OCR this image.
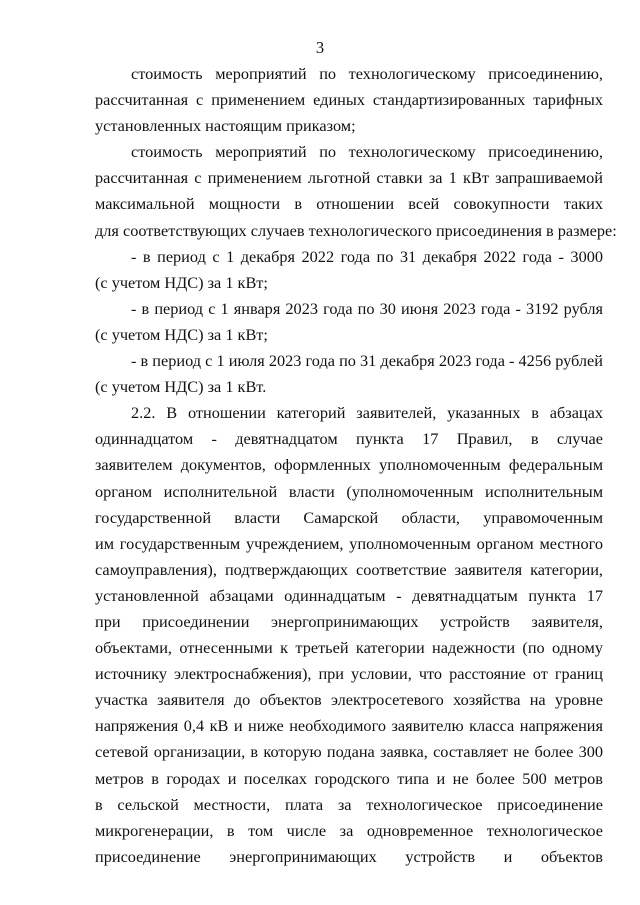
3
стоимость мероприятий по технологическому присоединению,
рассчитанная с применением единых стандартизированных тарифных
установленных настоящим приказом;
стоимость мероприятий по технологическому присоединению,
рассчитанная с применением льготной ставки за 1 кВт запрашиваемой
максимальной мощности в отношении всей совокупности таких
для соответствующих случаев технологического присоединения в размере:
- в период с 1 декабря 2022 года по 31 декабря 2022 года - 3000
(с учетом НДС) за 1 кВт;
- в период с 1 января 2023 года по 30 июня 2023 года - 3192 рубля
(с учетом НДС) за 1 кВт;
- в период с 1 июля 2023 года по 31 декабря 2023 года - 4256 рублей
(с учетом НДС) за 1 кВт.
2.2. В отношении категорий заявителей, указанных в абзацах
одиннадцатом - девятнадцатом пункта 17 Правил, в случае
заявителем документов, оформленных уполномоченным федеральным
органом исполнительной власти (уполномоченным исполнительным
государственной власти Самарской области, управомоченным
им государственным учреждением, уполномоченным органом местного
самоуправления), подтверждающих соответствие заявителя категории,
установленной абзацами одиннадцатым - девятнадцатым пункта 17
при присоединении энергопринимающих устройств заявителя,
объектами, отнесенными к третьей категории надежности (по одному
источнику электроснабжения), при условии, что расстояние от границ
участка заявителя до объектов электросетевого хозяйства на уровне
напряжения 0,4 кВ и ниже необходимого заявителю класса напряжения
сетевой организации, в которую подана заявка, составляет не более 300
метров в городах и поселках городского типа и не более 500 метров
в сельской местности, плата за технологическое присоединение
микрогенерации, в том числе за одновременное технологическое
присоединение энергопринимающих устройств и объектов
